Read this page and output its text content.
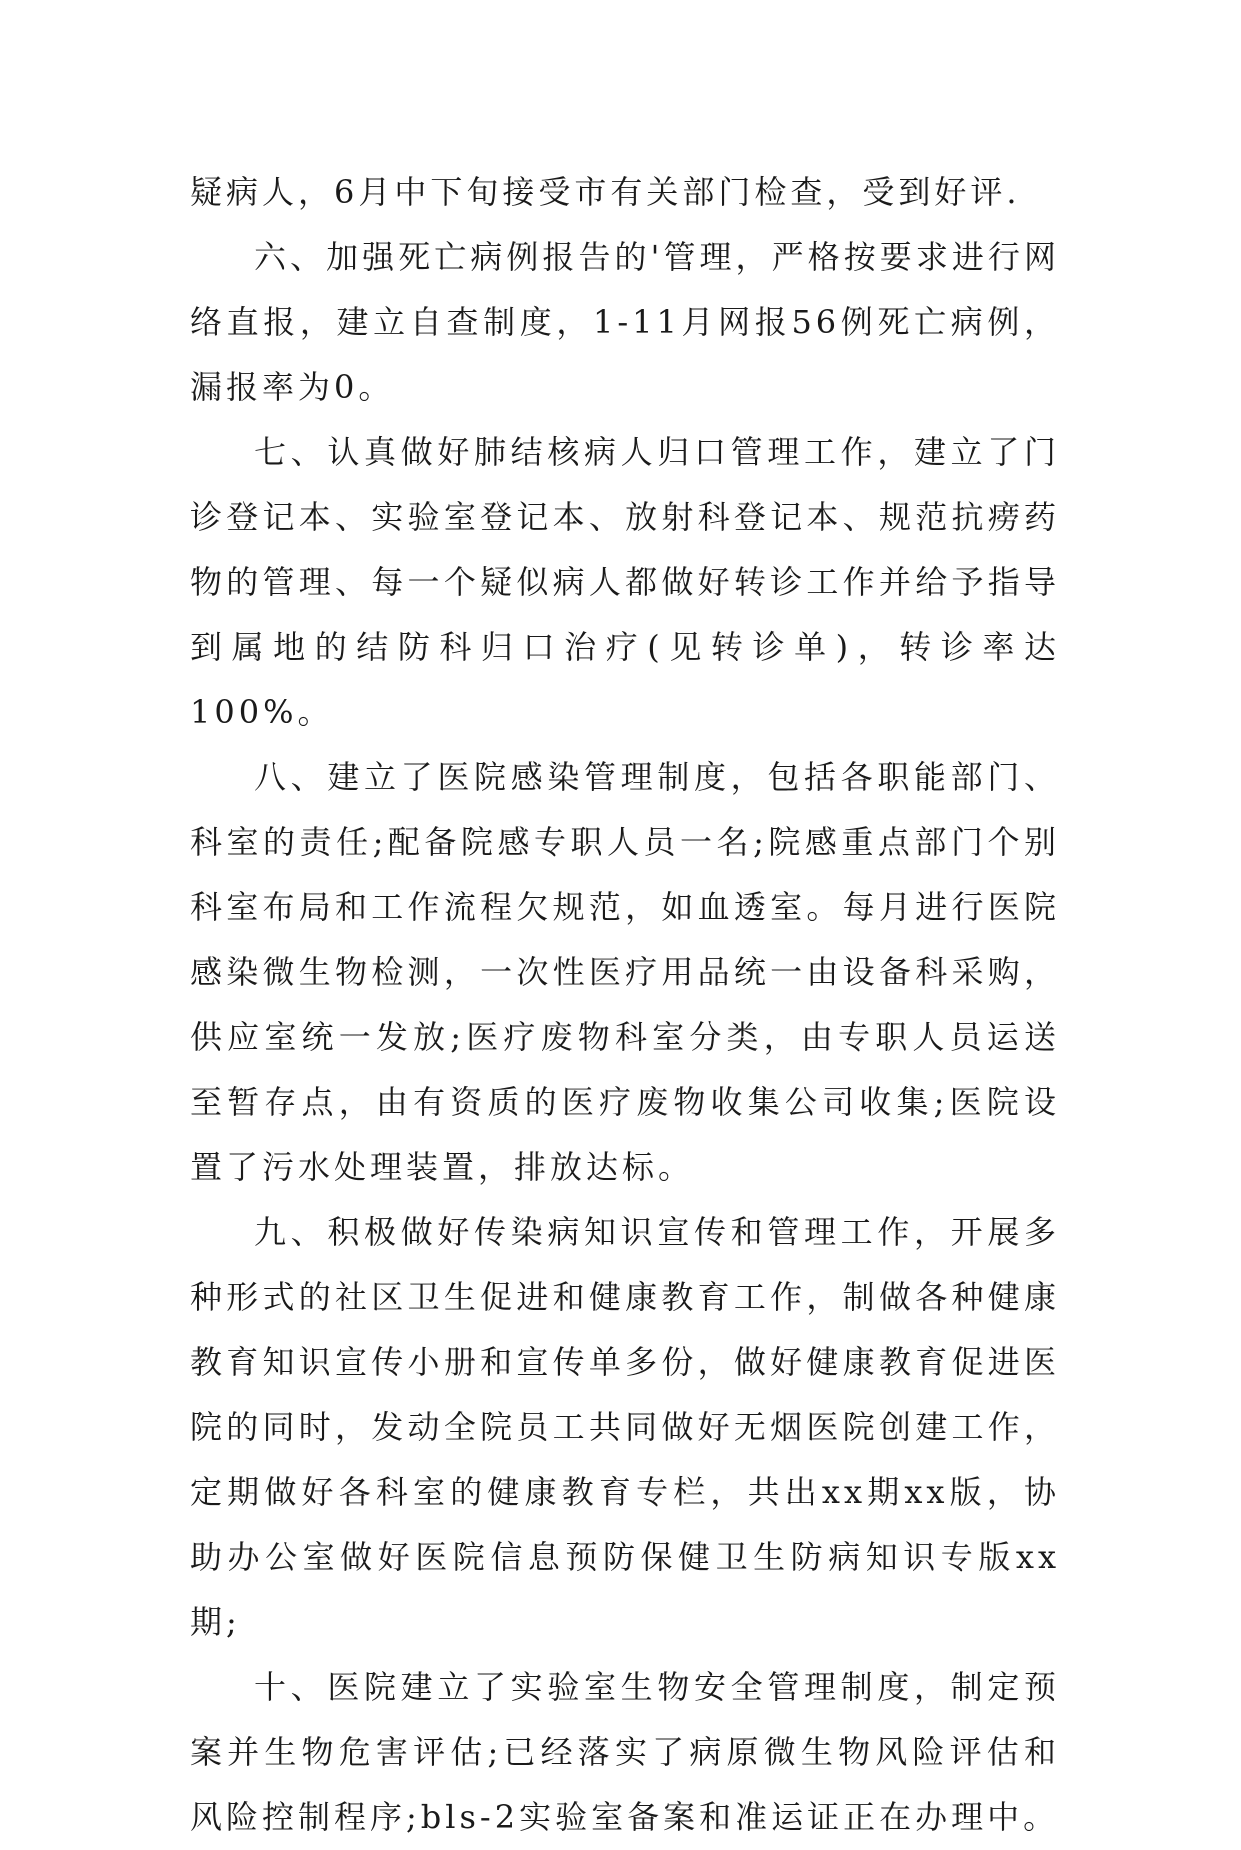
疑病人，6月中下旬接受市有关部门检查，受到好评.

六、加强死亡病例报告的'管理，严格按要求进行网络直报，建立自查制度，1-11月网报56例死亡病例，漏报率为0。

七、认真做好肺结核病人归口管理工作，建立了门诊登记本、实验室登记本、放射科登记本、规范抗痨药物的管理、每一个疑似病人都做好转诊工作并给予指导到属地的结防科归口治疗(见转诊单)，转诊率达100%。

八、建立了医院感染管理制度，包括各职能部门、科室的责任;配备院感专职人员一名;院感重点部门个别科室布局和工作流程欠规范，如血透室。每月进行医院感染微生物检测，一次性医疗用品统一由设备科采购，供应室统一发放;医疗废物科室分类，由专职人员运送至暂存点，由有资质的医疗废物收集公司收集;医院设置了污水处理装置，排放达标。

九、积极做好传染病知识宣传和管理工作，开展多种形式的社区卫生促进和健康教育工作，制做各种健康教育知识宣传小册和宣传单多份，做好健康教育促进医院的同时，发动全院员工共同做好无烟医院创建工作，定期做好各科室的健康教育专栏，共出xx期xx版，协助办公室做好医院信息预防保健卫生防病知识专版xx期;

十、医院建立了实验室生物安全管理制度，制定预案并生物危害评估;已经落实了病原微生物风险评估和风险控制程序;bls-2实验室备案和准运证正在办理中。
